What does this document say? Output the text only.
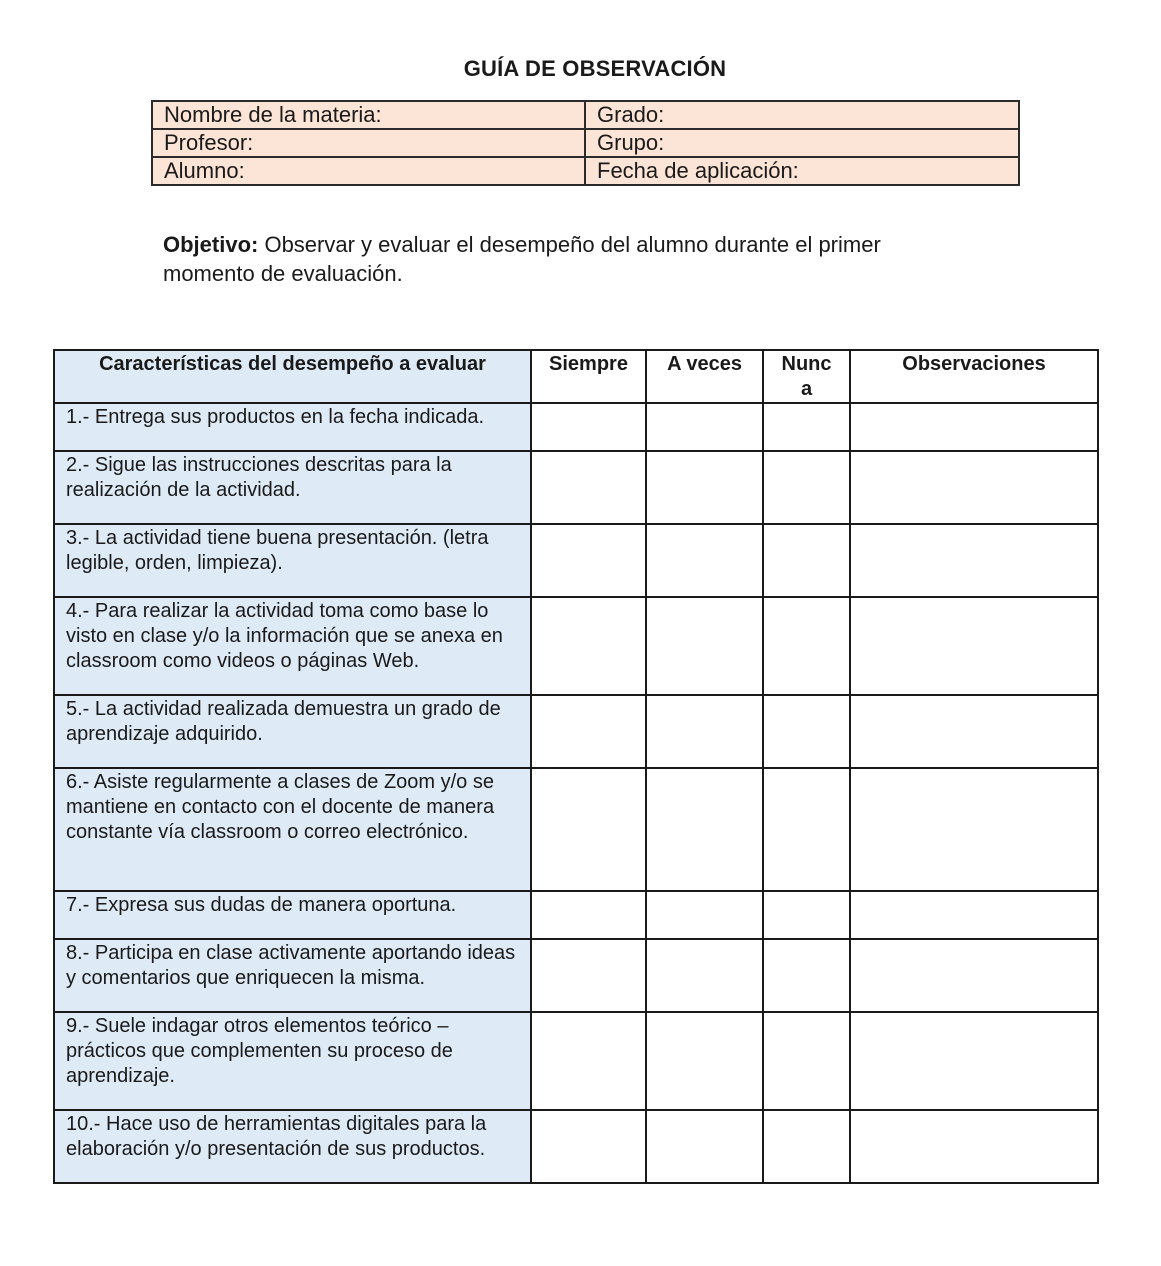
GUÍA DE OBSERVACIÓN
Nombre de la materia:	Grado:
Profesor:	Grupo:
Alumno:	Fecha de aplicación:
Objetivo: Observar y evaluar el desempeño del alumno durante el primer momento de evaluación.
Características del desempeño a evaluar	Siempre	A veces	Nunc a	Observaciones
1.- Entrega sus productos en la fecha indicada.				
2.- Sigue las instrucciones descritas para la realización de la actividad.				
3.- La actividad tiene buena presentación. (letra legible, orden, limpieza).				
4.- Para realizar la actividad toma como base lo visto en clase y/o la información que se anexa en classroom como videos o páginas Web.				
5.- La actividad realizada demuestra un grado de aprendizaje adquirido.				
6.- Asiste regularmente a clases de Zoom y/o se mantiene en contacto con el docente de manera constante vía classroom o correo electrónico.				
7.- Expresa sus dudas de manera oportuna.				
8.- Participa en clase activamente aportando ideas y comentarios que enriquecen la misma.				
9.- Suele indagar otros elementos teórico – prácticos que complementen su proceso de aprendizaje.				
10.- Hace uso de herramientas digitales para la elaboración y/o presentación de sus productos.				
